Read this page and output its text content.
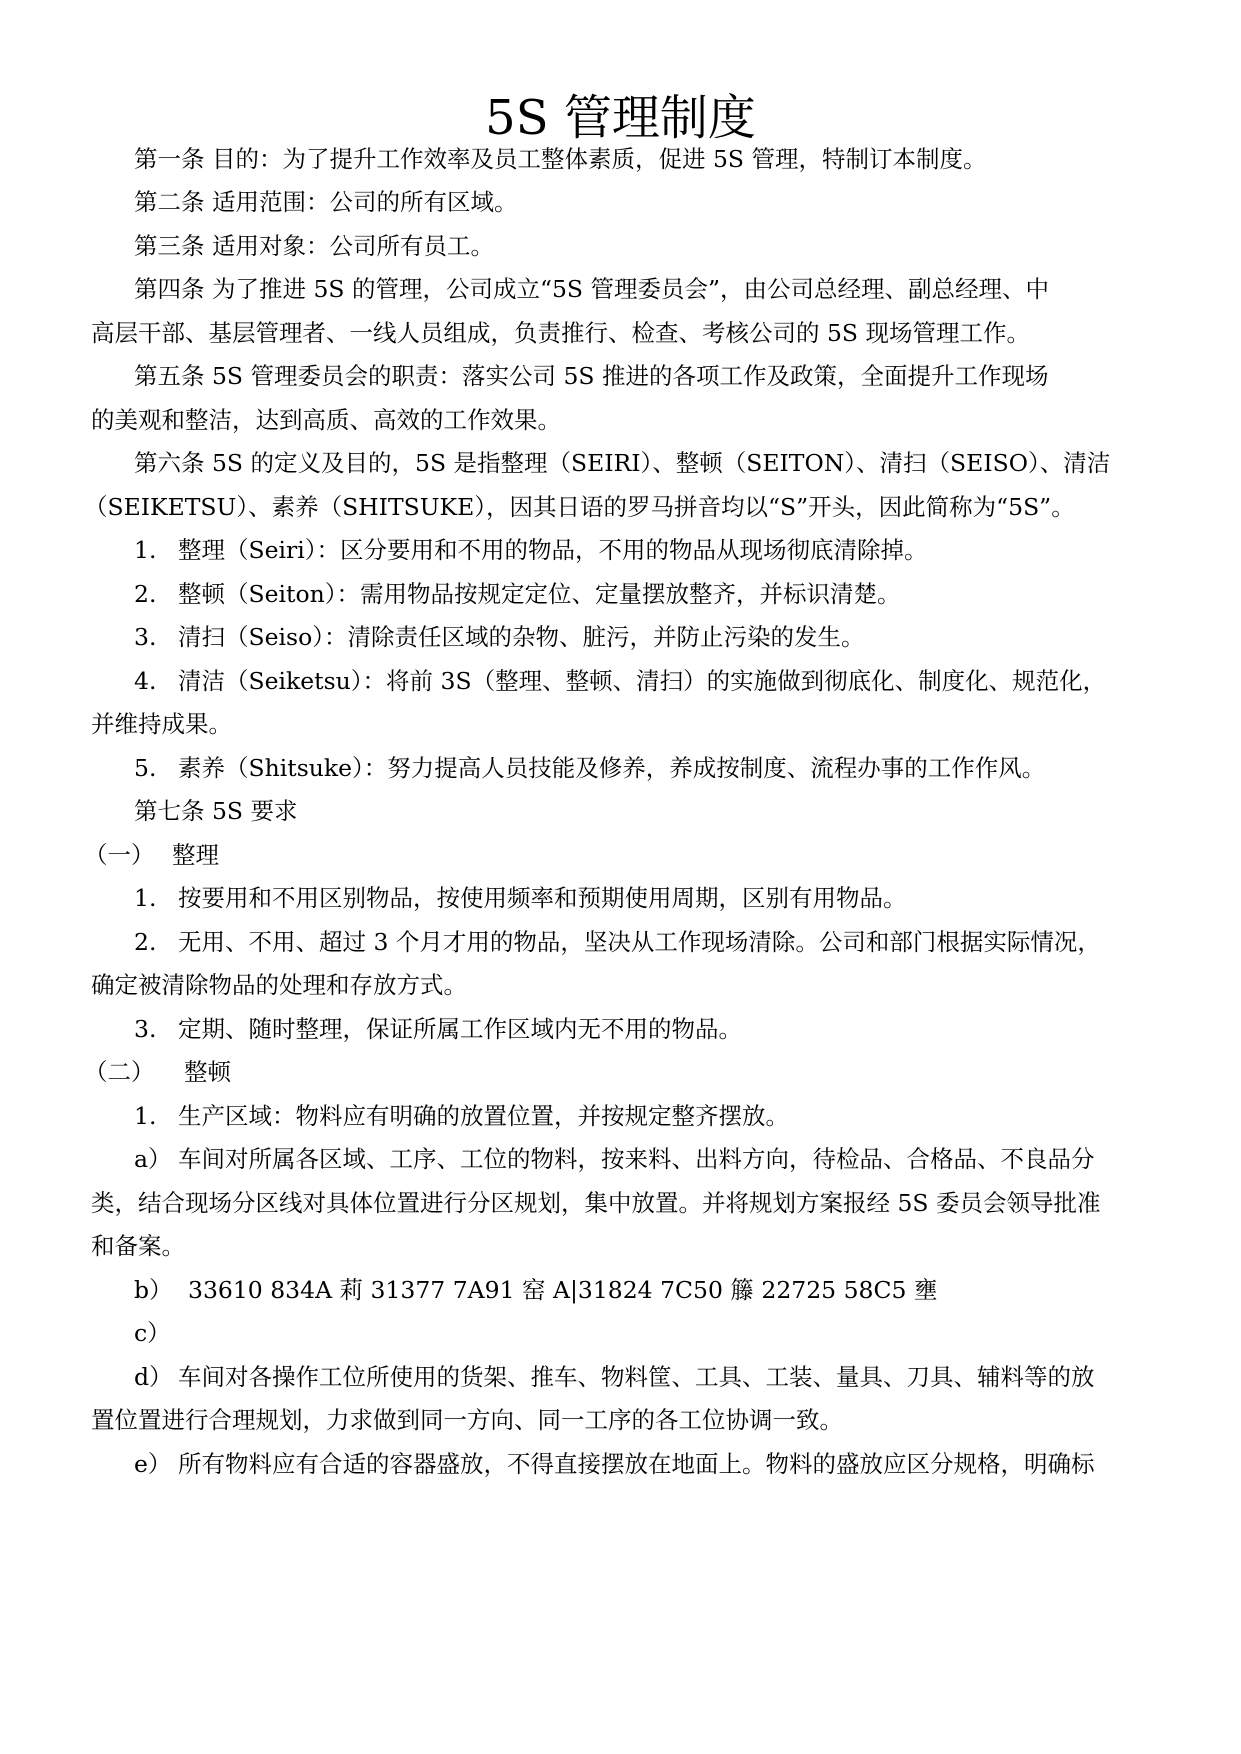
5S 管理制度
第一条 目的：为了提升工作效率及员工整体素质，促进 5S 管理，特制订本制度。
第二条 适用范围：公司的所有区域。
第三条 适用对象：公司所有员工。
第四条 为了推进 5S 的管理，公司成立“5S 管理委员会”，由公司总经理、副总经理、中
高层干部、基层管理者、一线人员组成，负责推行、检查、考核公司的 5S 现场管理工作。
第五条 5S 管理委员会的职责：落实公司 5S 推进的各项工作及政策，全面提升工作现场
的美观和整洁，达到高质、高效的工作效果。
第六条 5S 的定义及目的，5S 是指整理（SEIRI）、整顿（SEITON）、清扫（SEISO）、清洁
（SEIKETSU）、素养（SHITSUKE），因其日语的罗马拼音均以“S”开头，因此简称为“5S”。
1. 整理（Seiri）：区分要用和不用的物品，不用的物品从现场彻底清除掉。
2. 整顿（Seiton）：需用物品按规定定位、定量摆放整齐，并标识清楚。
3. 清扫（Seiso）：清除责任区域的杂物、脏污，并防止污染的发生。
4. 清洁（Seiketsu）：将前 3S（整理、整顿、清扫）的实施做到彻底化、制度化、规范化，
并维持成果。
5. 素养（Shitsuke）：努力提高人员技能及修养，养成按制度、流程办事的工作作风。
第七条 5S 要求
（一） 整理
1. 按要用和不用区别物品，按使用频率和预期使用周期，区别有用物品。
2. 无用、不用、超过 3 个月才用的物品，坚决从工作现场清除。公司和部门根据实际情况，
确定被清除物品的处理和存放方式。
3. 定期、随时整理，保证所属工作区域内无不用的物品。
（二） 整顿
1. 生产区域：物料应有明确的放置位置，并按规定整齐摆放。
a） 车间对所属各区域、工序、工位的物料，按来料、出料方向，待检品、合格品、不良品分
类，结合现场分区线对具体位置进行分区规划，集中放置。并将规划方案报经 5S 委员会领导批准
和备案。
b） 33610 834A 莉 31377 7A91 窑 A|31824 7C50 籐 22725 58C5 壅
c）
d） 车间对各操作工位所使用的货架、推车、物料筐、工具、工装、量具、刀具、辅料等的放
置位置进行合理规划，力求做到同一方向、同一工序的各工位协调一致。
e） 所有物料应有合适的容器盛放，不得直接摆放在地面上。物料的盛放应区分规格，明确标
